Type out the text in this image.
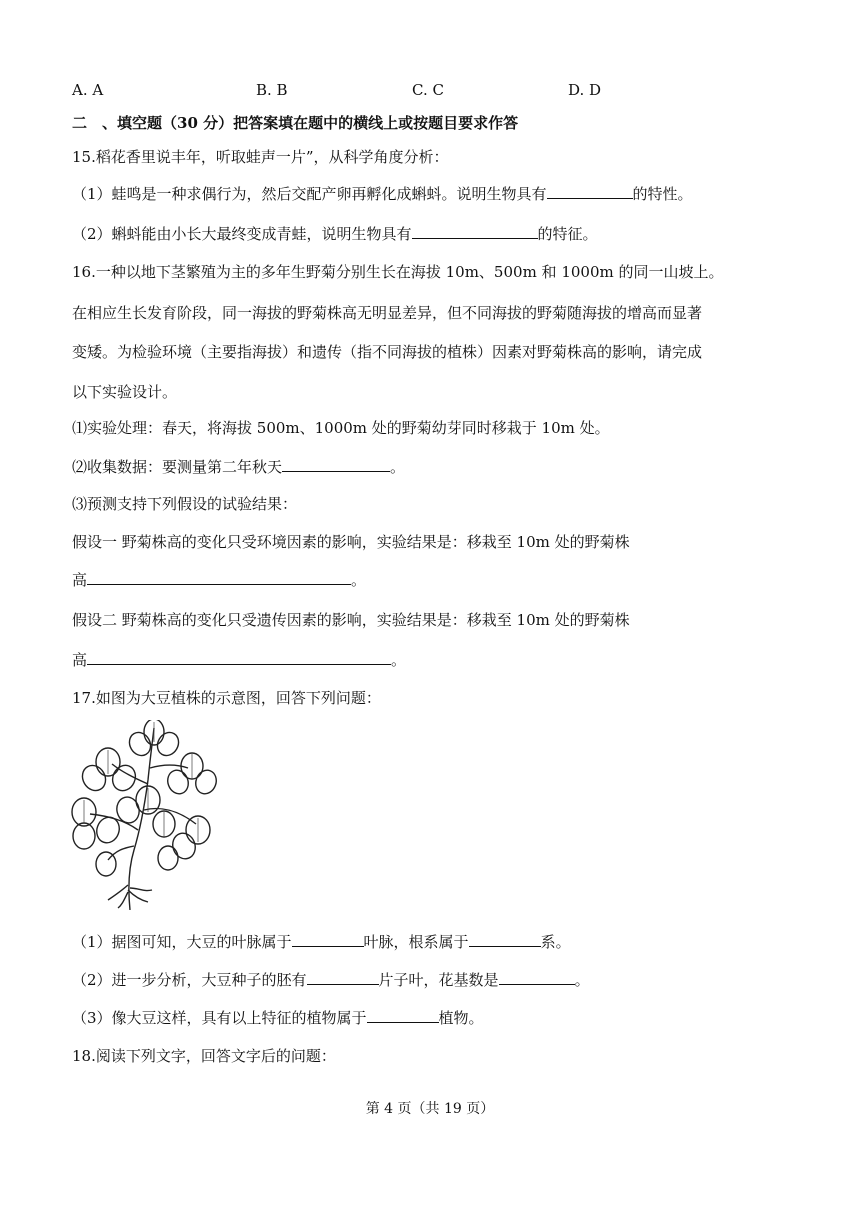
A. A	B. B	C. C	D. D
二　、填空题（30 分）把答案填在题中的横线上或按题目要求作答
15.稻花香里说丰年，听取蛙声一片”，从科学角度分析：
（1）蛙鸣是一种求偶行为，然后交配产卵再孵化成蝌蚪。说明生物具有	的特性。
（2）蝌蚪能由小长大最终变成青蛙，说明生物具有	的特征。
16.一种以地下茎繁殖为主的多年生野菊分别生长在海拔 10m、500m 和 1000m 的同一山坡上。
在相应生长发育阶段，同一海拔的野菊株高无明显差异，但不同海拔的野菊随海拔的增高而显著
变矮。为检验环境（主要指海拔）和遗传（指不同海拔的植株）因素对野菊株高的影响，请完成
以下实验设计。
⑴实验处理：春天，将海拔 500m、1000m 处的野菊幼芽同时移栽于 10m 处。
⑵收集数据：要测量第二年秋天	。
⑶预测支持下列假设的试验结果：
假设一 野菊株高的变化只受环境因素的影响，实验结果是：移栽至 10m 处的野菊株
高	。
假设二 野菊株高的变化只受遗传因素的影响，实验结果是：移栽至 10m 处的野菊株
高	。
17.如图为大豆植株的示意图，回答下列问题：
（1）据图可知，大豆的叶脉属于	叶脉，根系属于	系。
（2）进一步分析，大豆种子的胚有	片子叶，花基数是	。
（3）像大豆这样，具有以上特征的植物属于	植物。
18.阅读下列文字，回答文字后的问题：
第 4 页（共 19 页）
